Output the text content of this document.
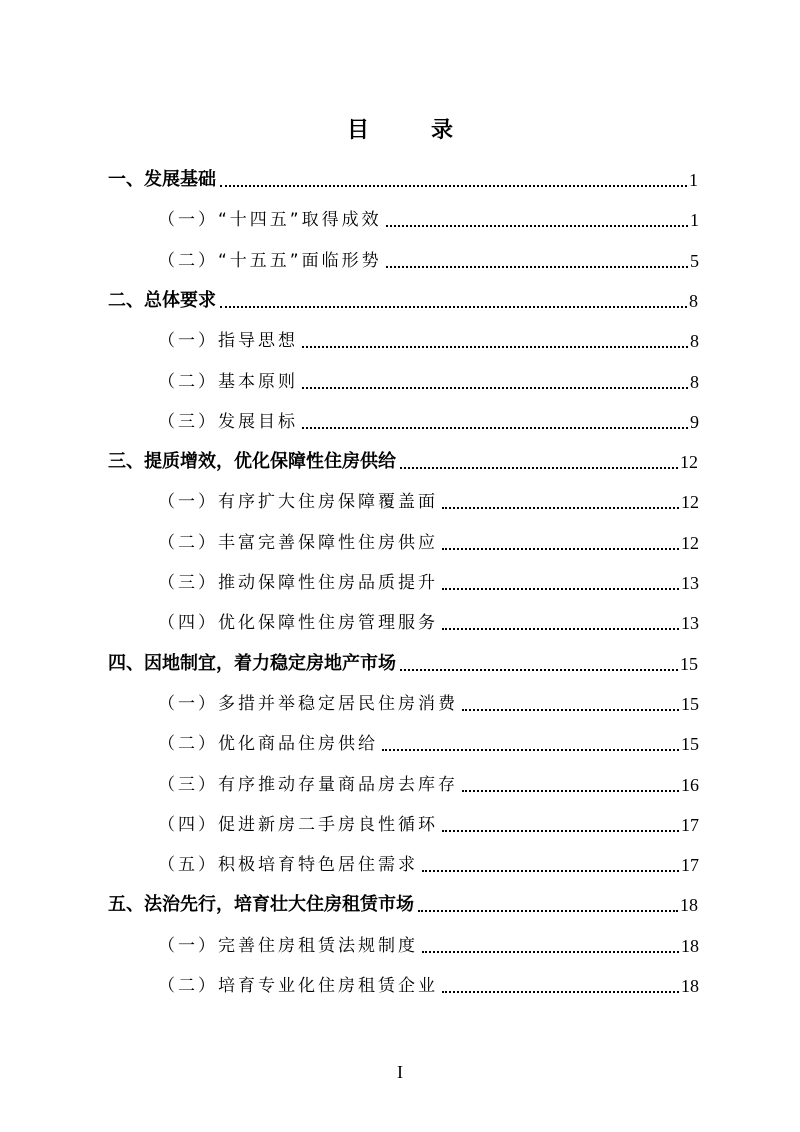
目　录
一、发展基础	1
（一）“十四五”取得成效	1
（二）“十五五”面临形势	5
二、总体要求	8
（一）指导思想	8
（二）基本原则	8
（三）发展目标	9
三、提质增效，优化保障性住房供给	12
（一）有序扩大住房保障覆盖面	12
（二）丰富完善保障性住房供应	12
（三）推动保障性住房品质提升	13
（四）优化保障性住房管理服务	13
四、因地制宜，着力稳定房地产市场	15
（一）多措并举稳定居民住房消费	15
（二）优化商品住房供给	15
（三）有序推动存量商品房去库存	16
（四）促进新房二手房良性循环	17
（五）积极培育特色居住需求	17
五、法治先行，培育壮大住房租赁市场	18
（一）完善住房租赁法规制度	18
（二）培育专业化住房租赁企业	18
I
